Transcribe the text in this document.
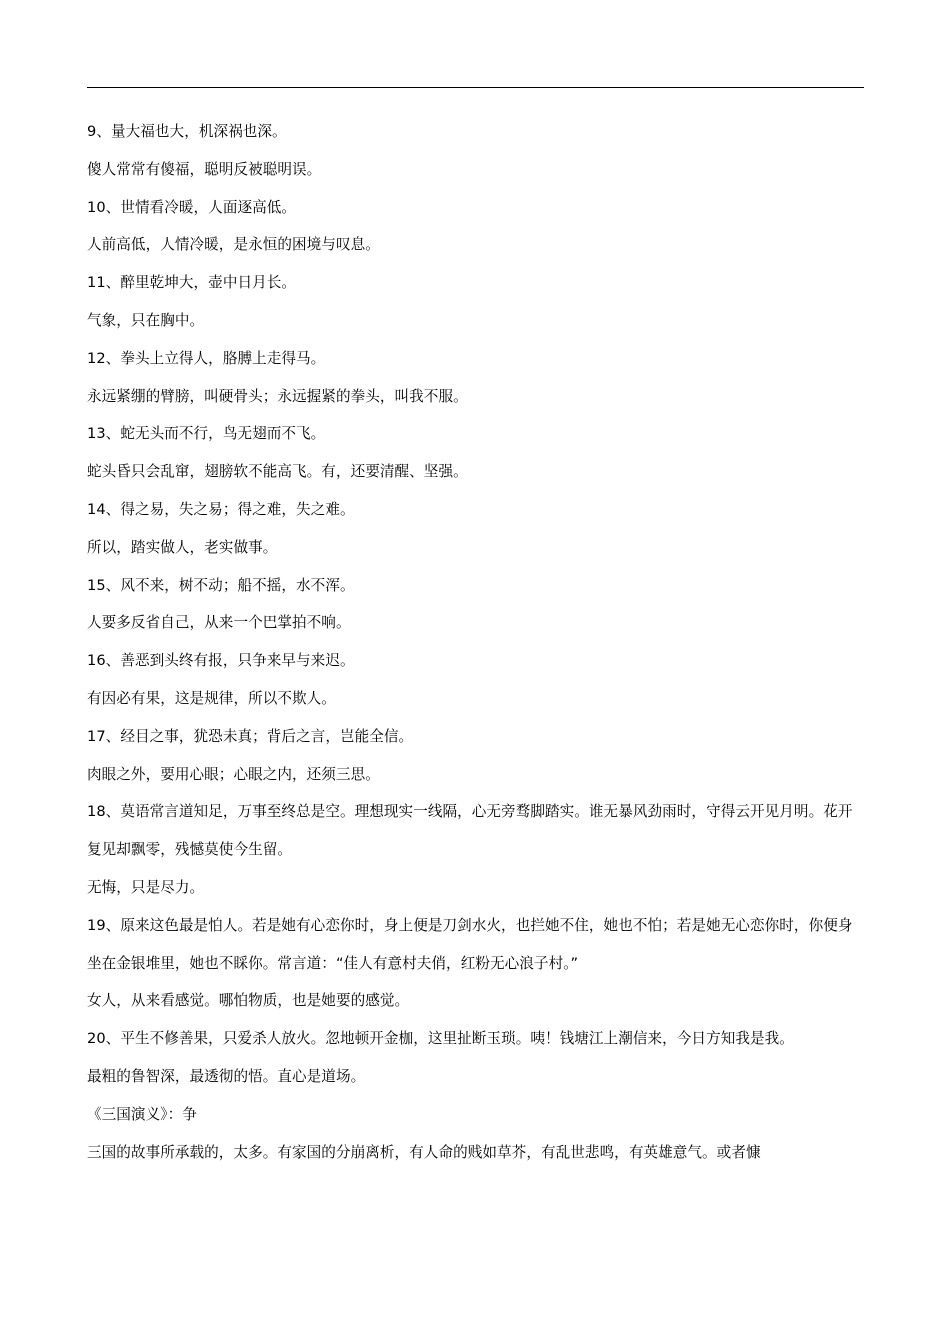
9、量大福也大，机深祸也深。

傻人常常有傻福，聪明反被聪明误。

10、世情看冷暖，人面逐高低。

人前高低，人情冷暖，是永恒的困境与叹息。

11、醉里乾坤大，壶中日月长。

气象，只在胸中。

12、拳头上立得人，胳膊上走得马。

永远紧绷的臂膀，叫硬骨头；永远握紧的拳头，叫我不服。

13、蛇无头而不行，鸟无翅而不飞。

蛇头昏只会乱窜，翅膀软不能高飞。有，还要清醒、坚强。

14、得之易，失之易；得之难，失之难。

所以，踏实做人，老实做事。

15、风不来，树不动；船不摇，水不浑。

人要多反省自己，从来一个巴掌拍不响。

16、善恶到头终有报，只争来早与来迟。

有因必有果，这是规律，所以不欺人。

17、经目之事，犹恐未真；背后之言，岂能全信。

肉眼之外，要用心眼；心眼之内，还须三思。

18、莫语常言道知足，万事至终总是空。理想现实一线隔，心无旁骛脚踏实。谁无暴风劲雨时，守得云开见月明。花开复见却飘零，残憾莫使今生留。

无悔，只是尽力。

19、原来这色最是怕人。若是她有心恋你时，身上便是刀剑水火，也拦她不住，她也不怕；若是她无心恋你时，你便身坐在金银堆里，她也不睬你。常言道：“佳人有意村夫俏，红粉无心浪子村。”

女人，从来看感觉。哪怕物质，也是她要的感觉。

20、平生不修善果，只爱杀人放火。忽地顿开金枷，这里扯断玉琐。咦！钱塘江上潮信来，今日方知我是我。

最粗的鲁智深，最透彻的悟。直心是道场。

《三国演义》：争

三国的故事所承载的，太多。有家国的分崩离析，有人命的贱如草芥，有乱世悲鸣，有英雄意气。或者慷
